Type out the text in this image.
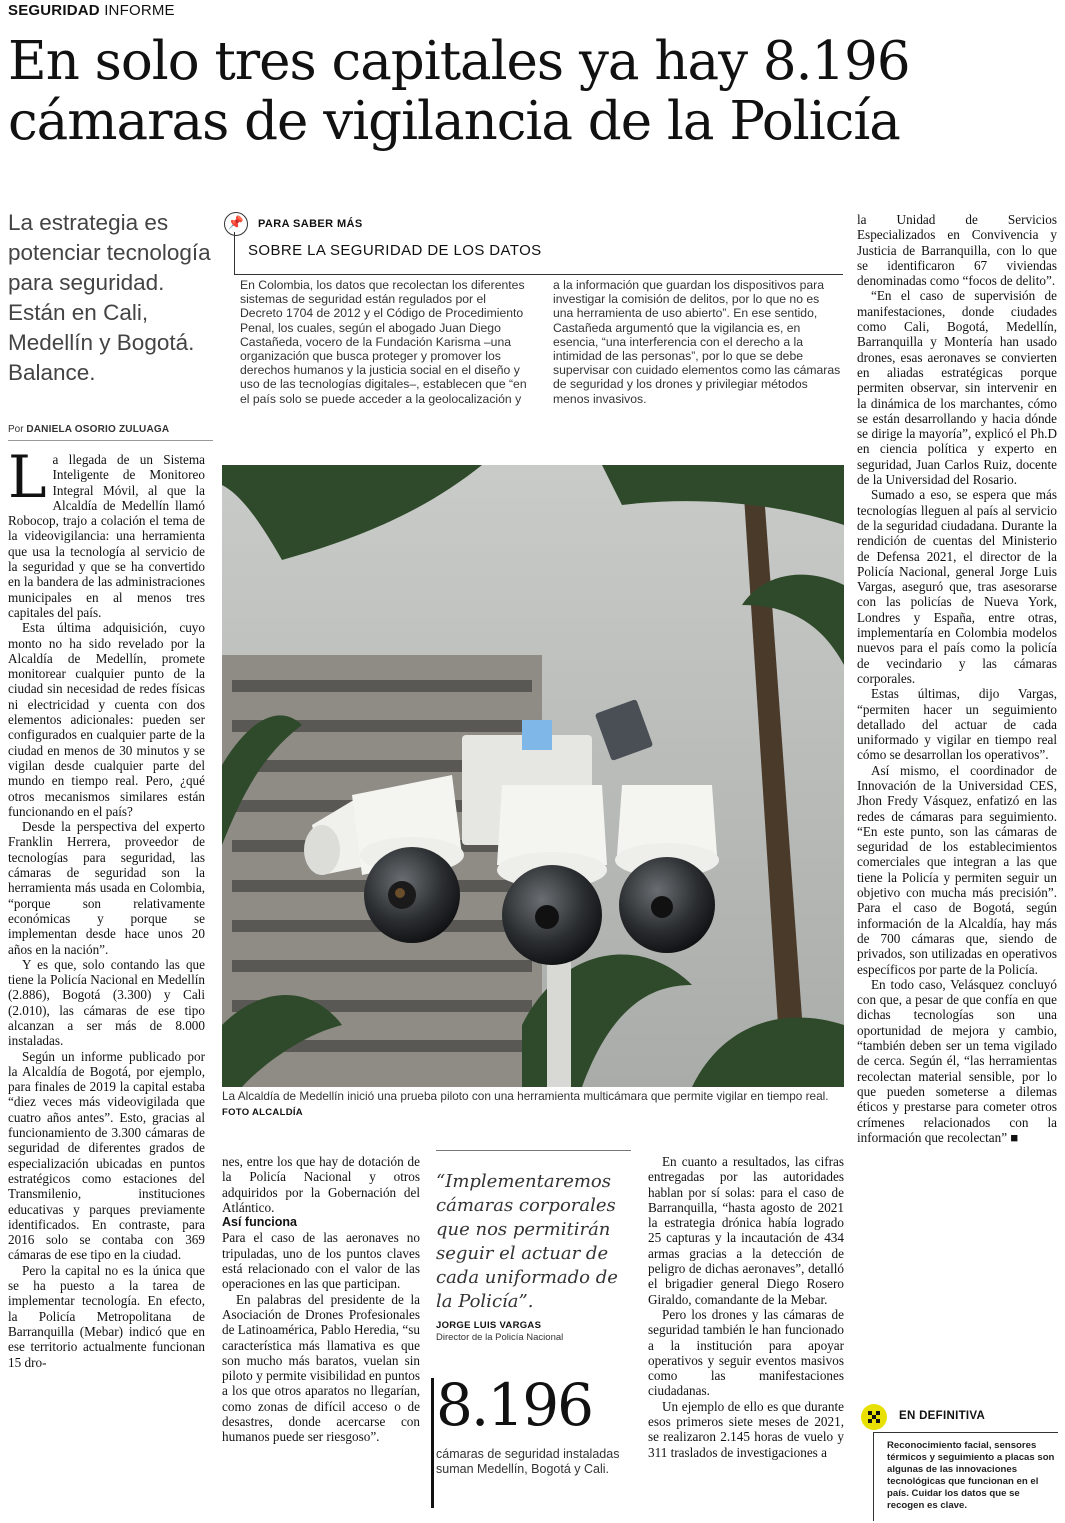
SEGURIDAD INFORME
En solo tres capitales ya hay 8.196 cámaras de vigilancia de la Policía
La estrategia es potenciar tecnología para seguridad. Están en Cali, Medellín y Bogotá. Balance.
Por DANIELA OSORIO ZULUAGA

La llegada de un Sistema Inteligente de Monitoreo Integral Móvil, al que la Alcaldía de Medellín llamó Robocop, trajo a colación el tema de la videovigilancia: una herramienta que usa la tecnología al servicio de la seguridad y que se ha convertido en la bandera de las administraciones municipales en al menos tres capitales del país.

Esta última adquisición, cuyo monto no ha sido revelado por la Alcaldía de Medellín, promete monitorear cualquier punto de la ciudad sin necesidad de redes físicas ni electricidad y cuenta con dos elementos adicionales: pueden ser configurados en cualquier parte de la ciudad en menos de 30 minutos y se vigilan desde cualquier parte del mundo en tiempo real. Pero, ¿qué otros mecanismos similares están funcionando en el país?

Desde la perspectiva del experto Franklin Herrera, proveedor de tecnologías para seguridad, las cámaras de seguridad son la herramienta más usada en Colombia, “porque son relativamente económicas y porque se implementan desde hace unos 20 años en la nación”.

Y es que, solo contando las que tiene la Policía Nacional en Medellín (2.886), Bogotá (3.300) y Cali (2.010), las cámaras de ese tipo alcanzan a ser más de 8.000 instaladas.

Según un informe publicado por la Alcaldía de Bogotá, por ejemplo, para finales de 2019 la capital estaba “diez veces más videovigilada que cuatro años antes”. Esto, gracias al funcionamiento de 3.300 cámaras de seguridad de diferentes grados de especialización ubicadas en puntos estratégicos como estaciones del Transmilenio, instituciones educativas y parques previamente identificados. En contraste, para 2016 solo se contaba con 369 cámaras de ese tipo en la ciudad.

Pero la capital no es la única que se ha puesto a la tarea de implementar tecnología. En efecto, la Policía Metropolitana de Barranquilla (Mebar) indicó que en ese territorio actualmente funcionan 15 dro-

📌	PARA SABER MÁS
SOBRE LA SEGURIDAD DE LOS DATOS
En Colombia, los datos que recolectan los diferentes sistemas de seguridad están regulados por el Decreto 1704 de 2012 y el Código de Procedimiento Penal, los cuales, según el abogado Juan Diego Castañeda, vocero de la Fundación Karisma –una organización que busca proteger y promover los derechos humanos y la justicia social en el diseño y uso de las tecnologías digitales–, establecen que “en el país solo se puede acceder a la geolocalización y a la información que guardan los dispositivos para investigar la comisión de delitos, por lo que no es una herramienta de uso abierto”. En ese sentido, Castañeda argumentó que la vigilancia es, en esencia, “una interferencia con el derecho a la intimidad de las personas”, por lo que se debe supervisar con cuidado elementos como las cámaras de seguridad y los drones y privilegiar métodos menos invasivos.
La Alcaldía de Medellín inició una prueba piloto con una herramienta multicámara que permite vigilar en tiempo real. FOTO ALCALDÍA

nes, entre los que hay de dotación de la Policía Nacional y otros adquiridos por la Gobernación del Atlántico.

Así funciona

Para el caso de las aeronaves no tripuladas, uno de los puntos claves está relacionado con el valor de las operaciones en las que participan.

En palabras del presidente de la Asociación de Drones Profesionales de Latinoamérica, Pablo Heredia, “su característica más llamativa es que son mucho más baratos, vuelan sin piloto y permite visibilidad en puntos a los que otros aparatos no llegarían, como zonas de difícil acceso o de desastres, donde acercarse con humanos puede ser riesgoso”.

“Implementaremos cámaras corporales que nos permitirán seguir el actuar de cada uniformado de la Policía”.
JORGE LUIS VARGAS
Director de la Policía Nacional
8.196
cámaras de seguridad instaladas suman Medellín, Bogotá y Cali.

En cuanto a resultados, las cifras entregadas por las autoridades hablan por sí solas: para el caso de Barranquilla, “hasta agosto de 2021 la estrategia drónica había logrado 25 capturas y la incautación de 434 armas gracias a la detección de peligro de dichas aeronaves”, detalló el brigadier general Diego Rosero Giraldo, comandante de la Mebar.

Pero los drones y las cámaras de seguridad también le han funcionado a la institución para apoyar operativos y seguir eventos masivos como las manifestaciones ciudadanas.

Un ejemplo de ello es que durante esos primeros siete meses de 2021, se realizaron 2.145 horas de vuelo y 311 traslados de investigaciones a

la Unidad de Servicios Especializados en Convivencia y Justicia de Barranquilla, con lo que se identificaron 67 viviendas denominadas como “focos de delito”.

“En el caso de supervisión de manifestaciones, donde ciudades como Cali, Bogotá, Medellín, Barranquilla y Montería han usado drones, esas aeronaves se convierten en aliadas estratégicas porque permiten observar, sin intervenir en la dinámica de los marchantes, cómo se están desarrollando y hacia dónde se dirige la mayoría”, explicó el Ph.D en ciencia política y experto en seguridad, Juan Carlos Ruiz, docente de la Universidad del Rosario.

Sumado a eso, se espera que más tecnologías lleguen al país al servicio de la seguridad ciudadana. Durante la rendición de cuentas del Ministerio de Defensa 2021, el director de la Policía Nacional, general Jorge Luis Vargas, aseguró que, tras asesorarse con las policías de Nueva York, Londres y España, entre otras, implementaría en Colombia modelos nuevos para el país como la policía de vecindario y las cámaras corporales.

Estas últimas, dijo Vargas, “permiten hacer un seguimiento detallado del actuar de cada uniformado y vigilar en tiempo real cómo se desarrollan los operativos”.

Así mismo, el coordinador de Innovación de la Universidad CES, Jhon Fredy Vásquez, enfatizó en las redes de cámaras para seguimiento. “En este punto, son las cámaras de seguridad de los establecimientos comerciales que integran a las que tiene la Policía y permiten seguir un objetivo con mucha más precisión”. Para el caso de Bogotá, según información de la Alcaldía, hay más de 700 cámaras que, siendo de privados, son utilizadas en operativos específicos por parte de la Policía.

En todo caso, Velásquez concluyó con que, a pesar de que confía en que dichas tecnologías son una oportunidad de mejora y cambio, “también deben ser un tema vigilado de cerca. Según él, “las herramientas recolectan material sensible, por lo que pueden someterse a dilemas éticos y prestarse para cometer otros crímenes relacionados con la información que recolectan” ■

EN DEFINITIVA
Reconocimiento facial, sensores térmicos y seguimiento a placas son algunas de las innovaciones tecnológicas que funcionan en el país. Cuidar los datos que se recogen es clave.
